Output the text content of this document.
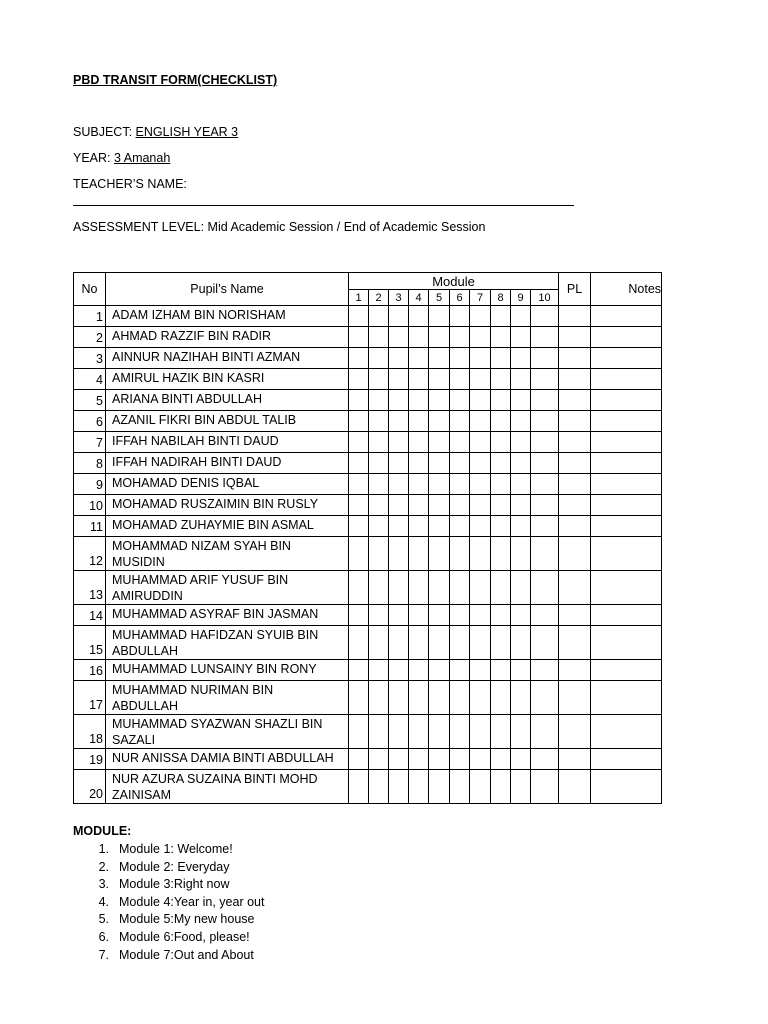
PBD TRANSIT FORM(CHECKLIST)
SUBJECT: ENGLISH YEAR 3
YEAR: 3 Amanah
TEACHER’S NAME:
ASSESSMENT LEVEL: Mid Academic Session / End of Academic Session
No	Pupil’s Name	Module										PL	Notes
		1	2	3	4	5	6	7	8	9	10		
1	ADAM IZHAM BIN NORISHAM												
2	AHMAD RAZZIF BIN RADIR												
3	AINNUR NAZIHAH BINTI AZMAN												
4	AMIRUL HAZIK BIN KASRI												
5	ARIANA BINTI ABDULLAH												
6	AZANIL FIKRI BIN ABDUL TALIB												
7	IFFAH NABILAH BINTI DAUD												
8	IFFAH NADIRAH BINTI DAUD												
9	MOHAMAD DENIS IQBAL												
10	MOHAMAD RUSZAIMIN BIN RUSLY												
11	MOHAMAD ZUHAYMIE BIN ASMAL												
12	MOHAMMAD NIZAM SYAH BIN
MUSIDIN												

13	MUHAMMAD ARIF YUSUF BIN
AMIRUDDIN												

14	MUHAMMAD ASYRAF BIN JASMAN												
15	MUHAMMAD HAFIDZAN SYUIB BIN
ABDULLAH												

16	MUHAMMAD LUNSAINY BIN RONY												
17	MUHAMMAD NURIMAN BIN
ABDULLAH												

18	MUHAMMAD SYAZWAN SHAZLI BIN
SAZALI												

19	NUR ANISSA DAMIA BINTI ABDULLAH												
20	NUR AZURA SUZAINA BINTI MOHD
ZAINISAM												

MODULE:
1. Module 1: Welcome!
2. Module 2: Everyday
3. Module 3:Right now
4. Module 4:Year in, year out
5. Module 5:My new house
6. Module 6:Food, please!
7. Module 7:Out and About
